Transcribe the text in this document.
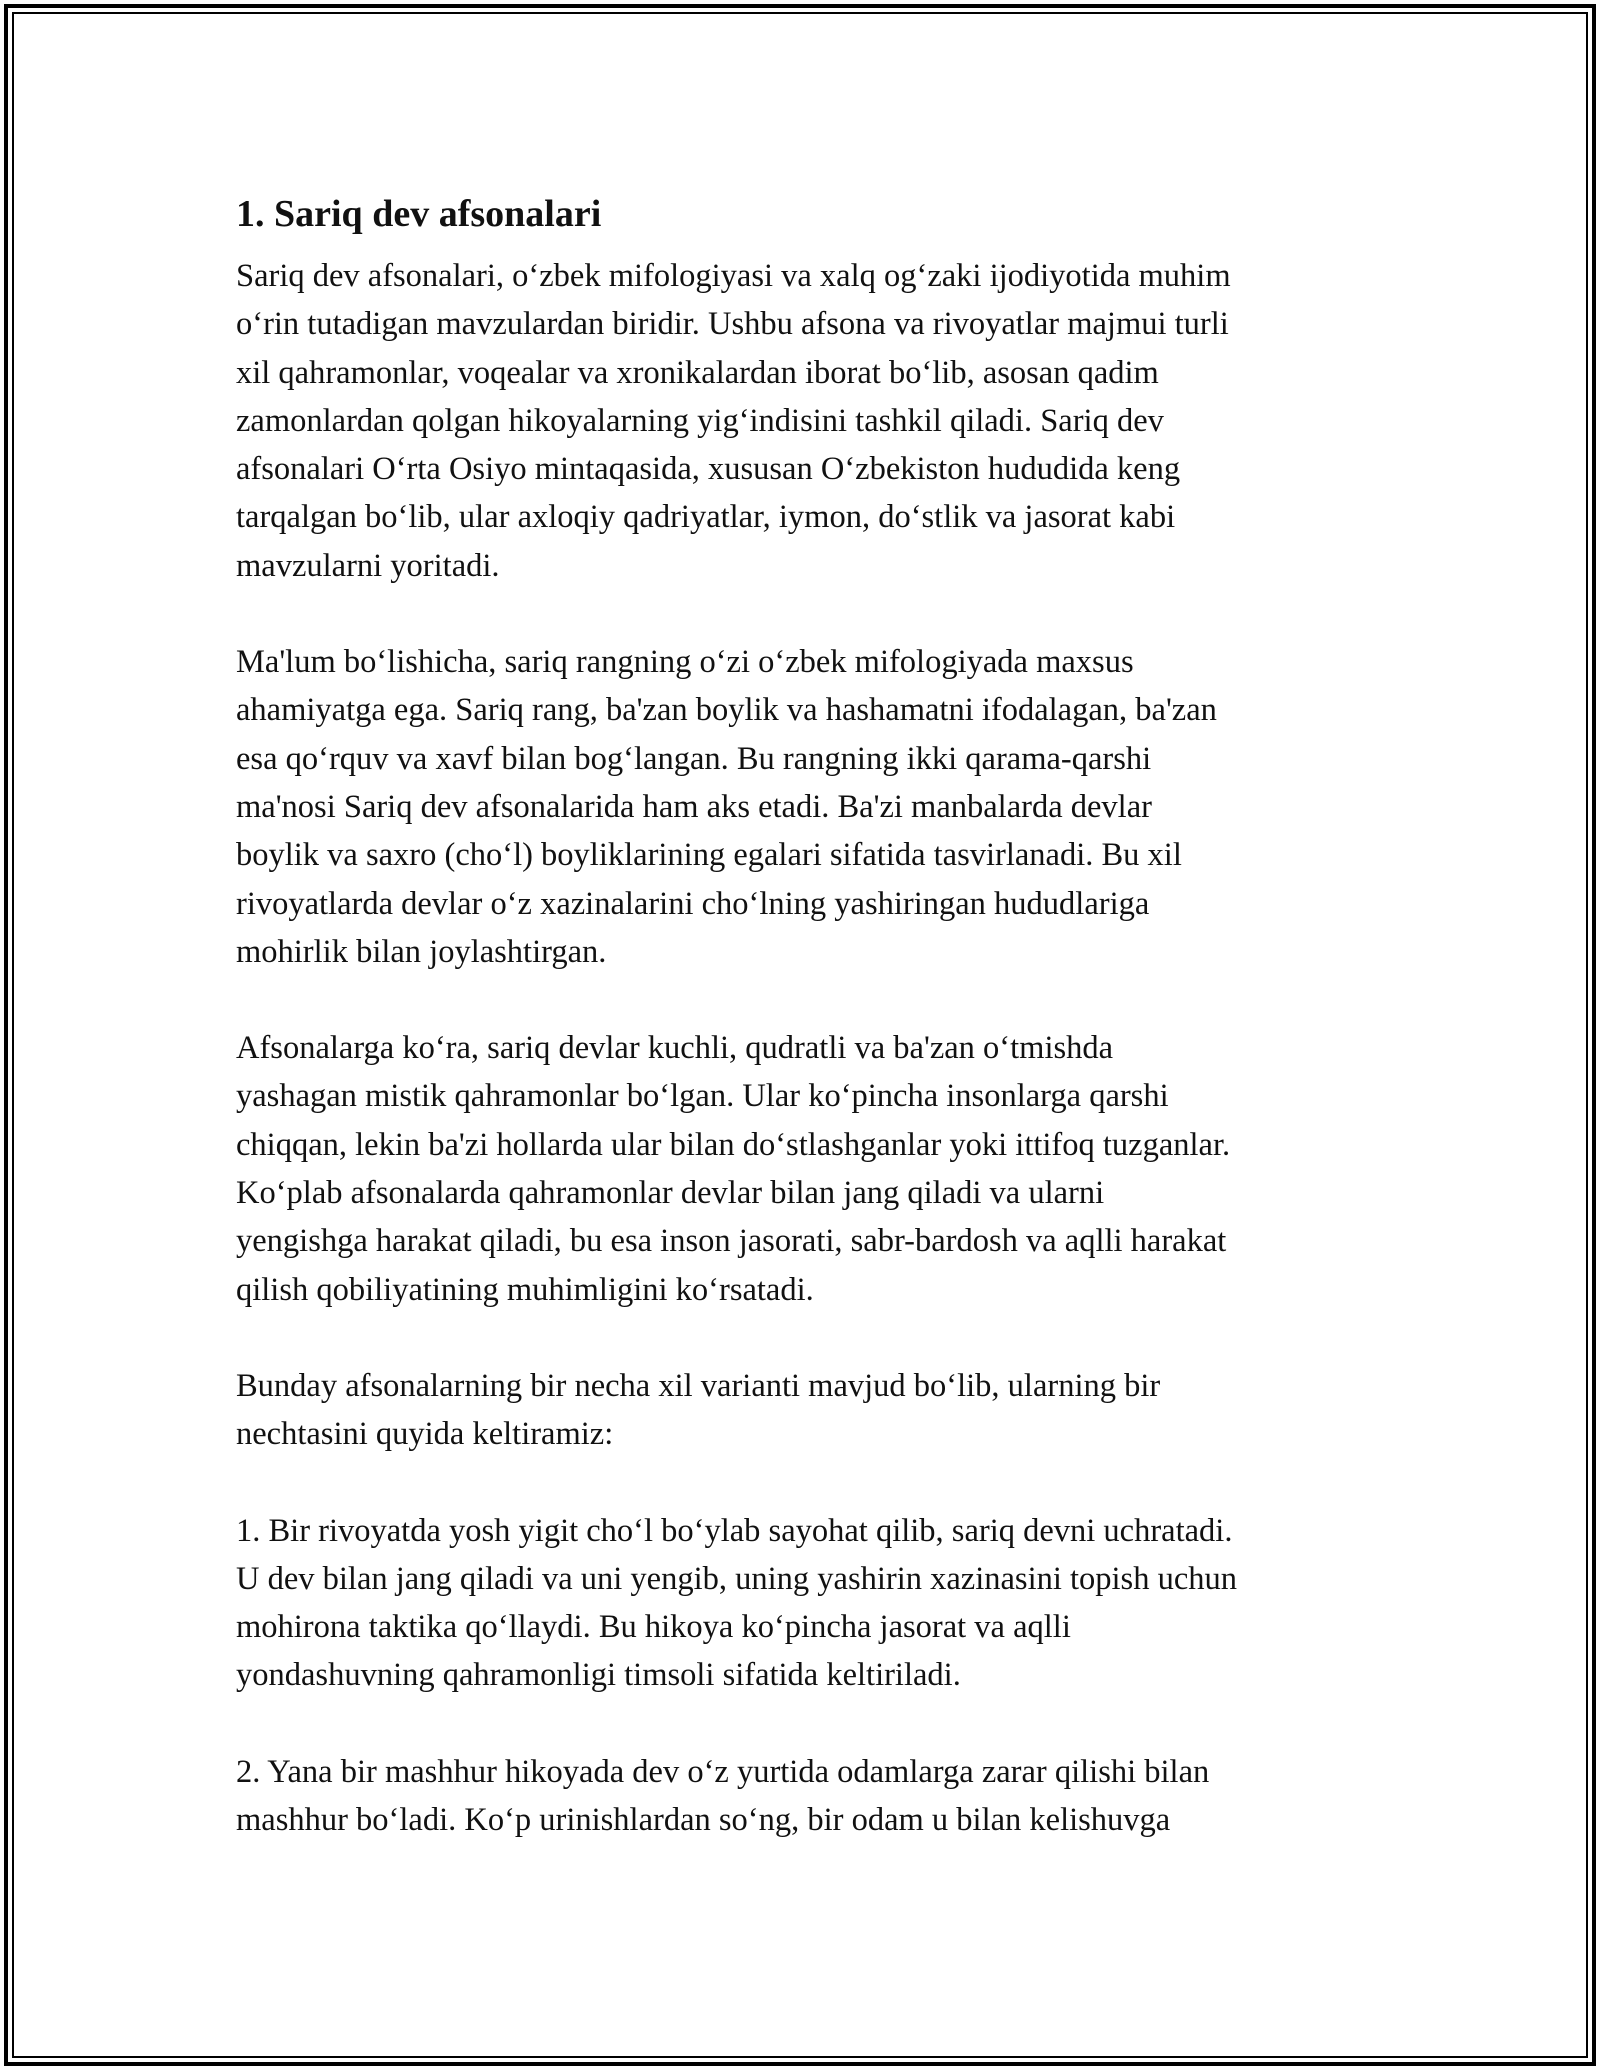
1. Sariq dev afsonalari

Sariq dev afsonalari, oʻzbek mifologiyasi va xalq ogʻzaki ijodiyotida muhim
oʻrin tutadigan mavzulardan biridir. Ushbu afsona va rivoyatlar majmui turli
xil qahramonlar, voqealar va xronikalardan iborat boʻlib, asosan qadim
zamonlardan qolgan hikoyalarning yigʻindisini tashkil qiladi. Sariq dev
afsonalari Oʻrta Osiyo mintaqasida, xususan Oʻzbekiston hududida keng
tarqalgan boʻlib, ular axloqiy qadriyatlar, iymon, doʻstlik va jasorat kabi
mavzularni yoritadi.

Ma'lum boʻlishicha, sariq rangning oʻzi oʻzbek mifologiyada maxsus
ahamiyatga ega. Sariq rang, ba'zan boylik va hashamatni ifodalagan, ba'zan
esa qoʻrquv va xavf bilan bogʻlangan. Bu rangning ikki qarama-qarshi
ma'nosi Sariq dev afsonalarida ham aks etadi. Ba'zi manbalarda devlar
boylik va saxro (choʻl) boyliklarining egalari sifatida tasvirlanadi. Bu xil
rivoyatlarda devlar oʻz xazinalarini choʻlning yashiringan hududlariga
mohirlik bilan joylashtirgan.

Afsonalarga koʻra, sariq devlar kuchli, qudratli va ba'zan oʻtmishda
yashagan mistik qahramonlar boʻlgan. Ular koʻpincha insonlarga qarshi
chiqqan, lekin ba'zi hollarda ular bilan doʻstlashganlar yoki ittifoq tuzganlar.
Koʻplab afsonalarda qahramonlar devlar bilan jang qiladi va ularni
yengishga harakat qiladi, bu esa inson jasorati, sabr-bardosh va aqlli harakat
qilish qobiliyatining muhimligini koʻrsatadi.

Bunday afsonalarning bir necha xil varianti mavjud boʻlib, ularning bir
nechtasini quyida keltiramiz:

1. Bir rivoyatda yosh yigit choʻl boʻylab sayohat qilib, sariq devni uchratadi.
U dev bilan jang qiladi va uni yengib, uning yashirin xazinasini topish uchun
mohirona taktika qoʻllaydi. Bu hikoya koʻpincha jasorat va aqlli
yondashuvning qahramonligi timsoli sifatida keltiriladi.

2. Yana bir mashhur hikoyada dev oʻz yurtida odamlarga zarar qilishi bilan
mashhur boʻladi. Koʻp urinishlardan soʻng, bir odam u bilan kelishuvga
